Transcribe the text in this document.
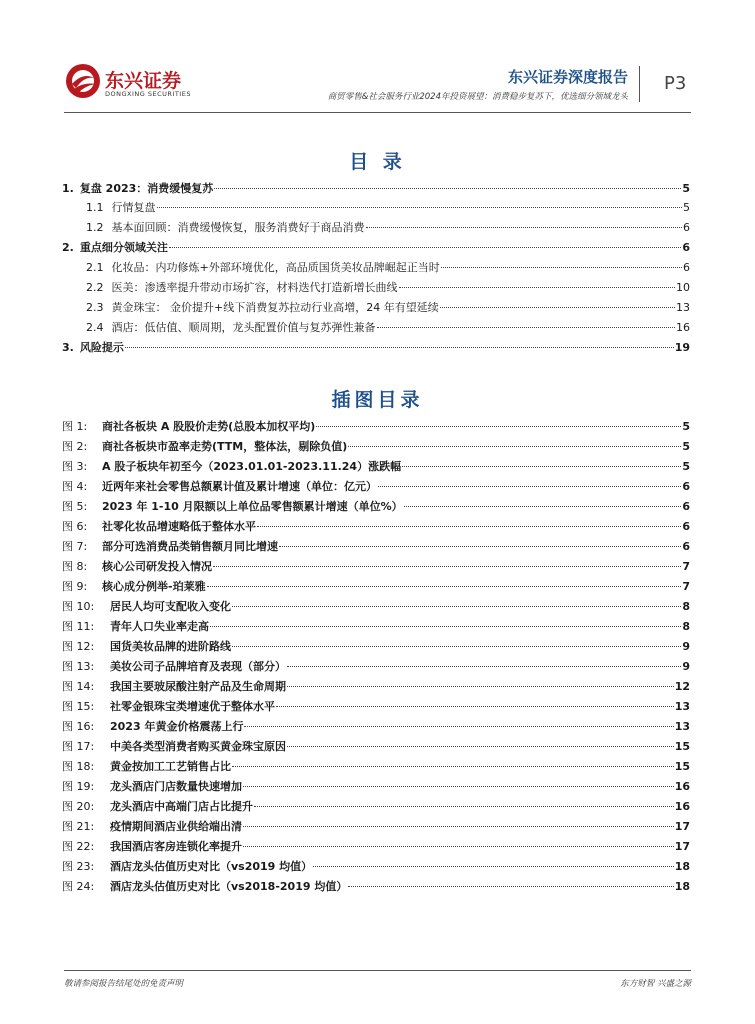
东兴证券
DONGXING SECURITIES
东兴证券深度报告
商贸零售&社会服务行业2024年投资展望：消费稳步复苏下，优选细分领域龙头
P3
目 录
1. 复盘 2023：消费缓慢复苏	5
1.1 行情复盘	5
1.2 基本面回顾：消费缓慢恢复，服务消费好于商品消费	6
2. 重点细分领域关注	6
2.1 化妆品：内功修炼+外部环境优化，高品质国货美妆品牌崛起正当时	6
2.2 医美：渗透率提升带动市场扩容，材料迭代打造新增长曲线	10
2.3 黄金珠宝： 金价提升+线下消费复苏拉动行业高增，24 年有望延续	13
2.4 酒店：低估值、顺周期，龙头配置价值与复苏弹性兼备	16
3. 风险提示	19
插图目录
图 1:	商社各板块 A 股股价走势(总股本加权平均)	5
图 2:	商社各板块市盈率走势(TTM，整体法，剔除负值)	5
图 3:	A 股子板块年初至今（2023.01.01-2023.11.24）涨跌幅	5
图 4:	近两年来社会零售总额累计值及累计增速（单位：亿元）	6
图 5:	2023 年 1-10 月限额以上单位品零售额累计增速（单位%）	6
图 6:	社零化妆品增速略低于整体水平	6
图 7:	部分可选消费品类销售额月同比增速	6
图 8:	核心公司研发投入情况	7
图 9:	核心成分例举-珀莱雅	7
图 10:	居民人均可支配收入变化	8
图 11:	青年人口失业率走高	8
图 12:	国货美妆品牌的进阶路线	9
图 13:	美妆公司子品牌培育及表现（部分）	9
图 14:	我国主要玻尿酸注射产品及生命周期	12
图 15:	社零金银珠宝类增速优于整体水平	13
图 16:	2023 年黄金价格震荡上行	13
图 17:	中美各类型消费者购买黄金珠宝原因	15
图 18:	黄金按加工工艺销售占比	15
图 19:	龙头酒店门店数量快速增加	16
图 20:	龙头酒店中高端门店占比提升	16
图 21:	疫情期间酒店业供给端出清	17
图 22:	我国酒店客房连锁化率提升	17
图 23:	酒店龙头估值历史对比（vs2019 均值）	18
图 24:	酒店龙头估值历史对比（vs2018-2019 均值）	18
敬请参阅报告结尾处的免责声明	东方财智 兴盛之源
